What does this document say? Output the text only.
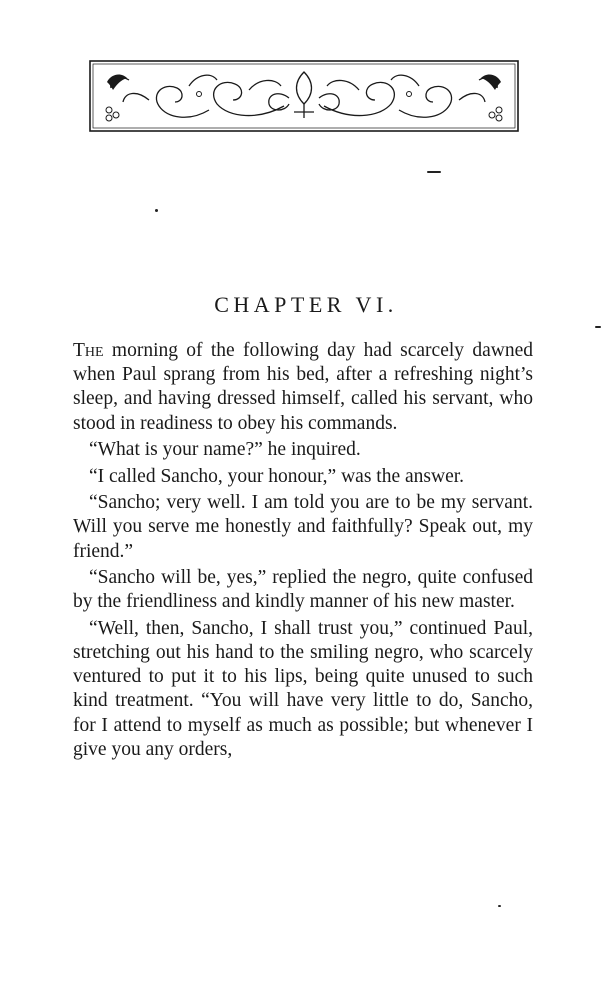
CHAPTER VI.

The morning of the following day had scarcely dawned when Paul sprang from his bed, after a refreshing night’s sleep, and having dressed himself, called his servant, who stood in readiness to obey his commands.

“What is your name?” he inquired.

“I called Sancho, your honour,” was the answer.

“Sancho; very well. I am told you are to be my servant. Will you serve me honestly and faithfully? Speak out, my friend.”

“Sancho will be, yes,” replied the negro, quite confused by the friendliness and kindly manner of his new master.

“Well, then, Sancho, I shall trust you,” continued Paul, stretching out his hand to the smiling negro, who scarcely ventured to put it to his lips, being quite unused to such kind treatment. “You will have very little to do, Sancho, for I attend to myself as much as possible; but whenever I give you any orders,
